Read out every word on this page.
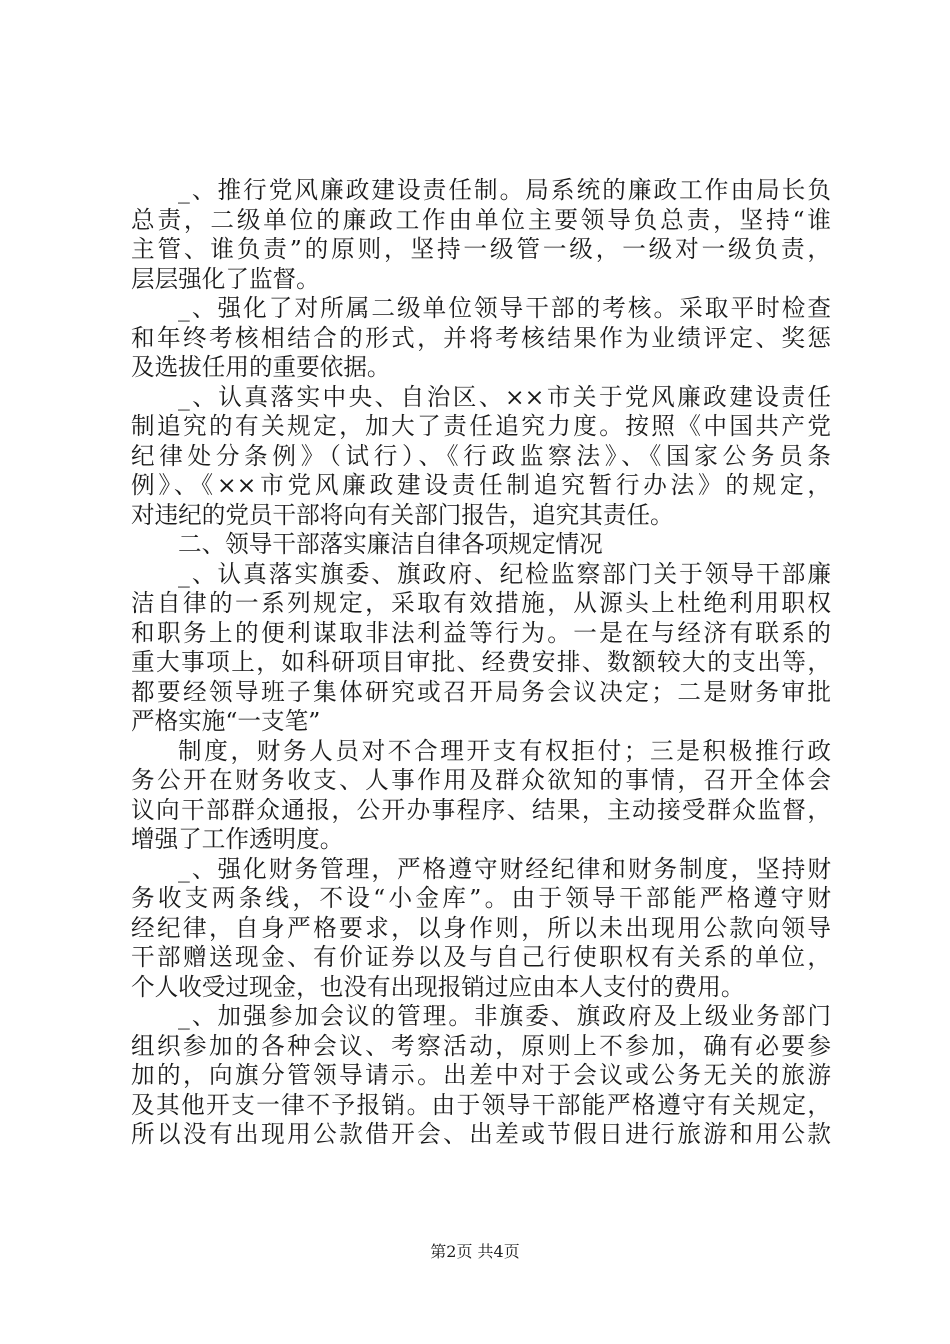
_、推行党风廉政建设责任制。局系统的廉政工作由局长负
总责，二级单位的廉政工作由单位主要领导负总责，坚持“谁
主管、谁负责”的原则，坚持一级管一级，一级对一级负责，
层层强化了监督。
_、强化了对所属二级单位领导干部的考核。采取平时检查
和年终考核相结合的形式，并将考核结果作为业绩评定、奖惩
及选拔任用的重要依据。
_、认真落实中央、自治区、××市关于党风廉政建设责任
制追究的有关规定，加大了责任追究力度。按照《中国共产党
纪律处分条例》（试行）、《行政监察法》、《国家公务员条
例》、《××市党风廉政建设责任制追究暂行办法》的规定，
对违纪的党员干部将向有关部门报告，追究其责任。
二、领导干部落实廉洁自律各项规定情况
_、认真落实旗委、旗政府、纪检监察部门关于领导干部廉
洁自律的一系列规定，采取有效措施，从源头上杜绝利用职权
和职务上的便利谋取非法利益等行为。一是在与经济有联系的
重大事项上，如科研项目审批、经费安排、数额较大的支出等，
都要经领导班子集体研究或召开局务会议决定；二是财务审批
严格实施“一支笔”
制度，财务人员对不合理开支有权拒付；三是积极推行政
务公开在财务收支、人事作用及群众欲知的事情，召开全体会
议向干部群众通报，公开办事程序、结果，主动接受群众监督，
增强了工作透明度。
_、强化财务管理，严格遵守财经纪律和财务制度，坚持财
务收支两条线，不设“小金库”。由于领导干部能严格遵守财
经纪律，自身严格要求，以身作则，所以未出现用公款向领导
干部赠送现金、有价证券以及与自己行使职权有关系的单位，
个人收受过现金，也没有出现报销过应由本人支付的费用。
_、加强参加会议的管理。非旗委、旗政府及上级业务部门
组织参加的各种会议、考察活动，原则上不参加，确有必要参
加的，向旗分管领导请示。出差中对于会议或公务无关的旅游
及其他开支一律不予报销。由于领导干部能严格遵守有关规定，
所以没有出现用公款借开会、出差或节假日进行旅游和用公款
第2页 共4页
